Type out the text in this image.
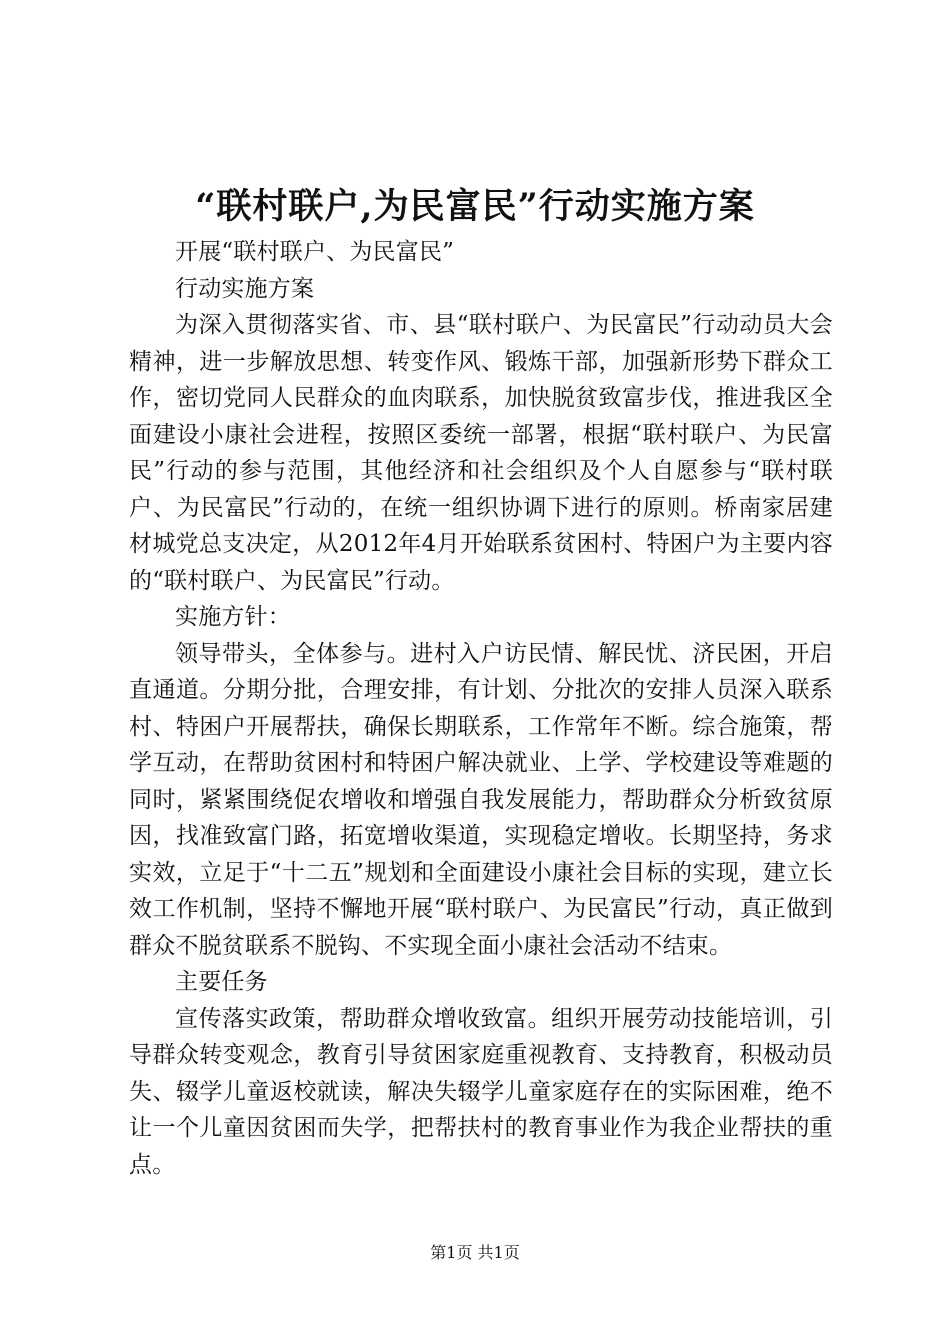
“联村联户,为民富民”行动实施方案

开展“联村联户、为民富民”

行动实施方案

为深入贯彻落实省、市、县“联村联户、为民富民”行动动员大会精神，进一步解放思想、转变作风、锻炼干部，加强新形势下群众工作，密切党同人民群众的血肉联系，加快脱贫致富步伐，推进我区全面建设小康社会进程，按照区委统一部署，根据“联村联户、为民富民”行动的参与范围，其他经济和社会组织及个人自愿参与“联村联户、为民富民”行动的，在统一组织协调下进行的原则。桥南家居建材城党总支决定，从2012年4月开始联系贫困村、特困户为主要内容的“联村联户、为民富民”行动。

实施方针：

领导带头，全体参与。进村入户访民情、解民忧、济民困，开启直通道。分期分批，合理安排，有计划、分批次的安排人员深入联系村、特困户开展帮扶，确保长期联系，工作常年不断。综合施策，帮学互动，在帮助贫困村和特困户解决就业、上学、学校建设等难题的同时，紧紧围绕促农增收和增强自我发展能力，帮助群众分析致贫原因，找准致富门路，拓宽增收渠道，实现稳定增收。长期坚持，务求实效，立足于“十二五”规划和全面建设小康社会目标的实现，建立长效工作机制，坚持不懈地开展“联村联户、为民富民”行动，真正做到群众不脱贫联系不脱钩、不实现全面小康社会活动不结束。

主要任务

宣传落实政策，帮助群众增收致富。组织开展劳动技能培训，引导群众转变观念，教育引导贫困家庭重视教育、支持教育，积极动员失、辍学儿童返校就读，解决失辍学儿童家庭存在的实际困难，绝不让一个儿童因贫困而失学，把帮扶村的教育事业作为我企业帮扶的重点。

第1页 共1页
